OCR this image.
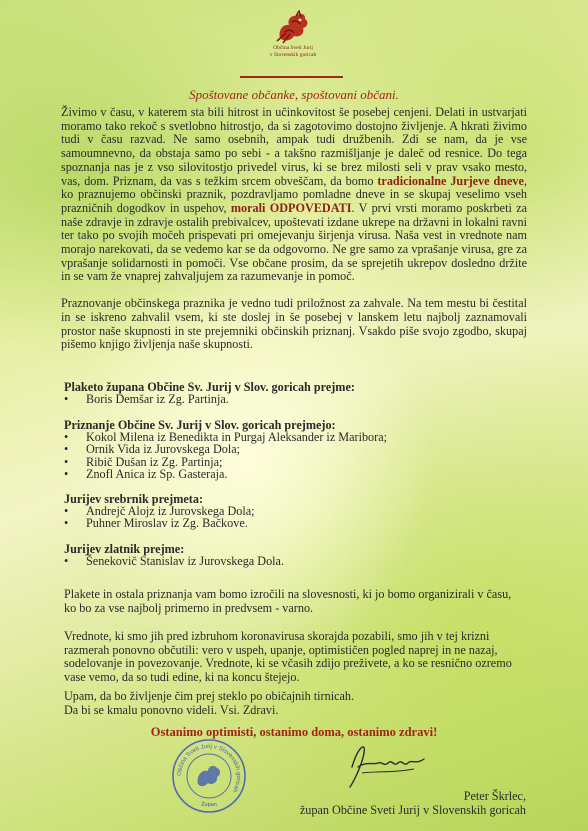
Občina Sveti Jurij
v Slovenskih goricah
Spoštovane občanke, spoštovani občani.

Živimo v času, v katerem sta bili hitrost in učinkovitost še posebej cenjeni. Delati in ustvarjati moramo tako rekoč s svetlobno hitrostjo, da si zagotovimo dostojno življenje. A hkrati živimo tudi v času razvad. Ne samo osebnih, ampak tudi družbenih. Zdi se nam, da je vse samoumnevno, da obstaja samo po sebi - a takšno razmišljanje je daleč od resnice. Do tega spoznanja nas je z vso silovitostjo privedel virus, ki se brez milosti seli v prav vsako mesto, vas, dom. Priznam, da vas s težkim srcem obveščam, da bomo tradicionalne Jurjeve dneve, ko praznujemo občinski praznik, pozdravljamo pomladne dneve in se skupaj veselimo vseh prazničnih dogodkov in uspehov, morali ODPOVEDATI. V prvi vrsti moramo poskrbeti za naše zdravje in zdravje ostalih prebivalcev, upoštevati izdane ukrepe na državni in lokalni ravni ter tako po svojih močeh prispevati pri omejevanju širjenja virusa. Naša vest in vrednote nam morajo narekovati, da se vedemo kar se da odgovorno. Ne gre samo za vprašanje virusa, gre za vprašanje solidarnosti in pomoči. Vse občane prosim, da se sprejetih ukrepov dosledno držite in se vam že vnaprej zahvaljujem za razumevanje in pomoč.

Praznovanje občinskega praznika je vedno tudi priložnost za zahvale. Na tem mestu bi čestital in se iskreno zahvalil vsem, ki ste doslej in še posebej v lanskem letu najbolj zaznamovali prostor naše skupnosti in ste prejemniki občinskih priznanj. Vsakdo piše svojo zgodbo, skupaj pišemo knjigo življenja naše skupnosti.

Plaketo župana Občine Sv. Jurij v Slov. goricah prejme:

• Boris Demšar iz Zg. Partinja.

Priznanje Občine Sv. Jurij v Slov. goricah prejmejo:

• Kokol Milena iz Benedikta in Purgaj Aleksander iz Maribora;
• Ornik Vida iz Jurovskega Dola;
• Ribič Dušan iz Zg. Partinja;
• Znofl Anica iz Sp. Gasteraja.

Jurijev srebrnik prejmeta:

• Andrejč Alojz iz Jurovskega Dola;
• Puhner Miroslav iz Zg. Bačkove.

Jurijev zlatnik prejme:

• Šenekovič Stanislav iz Jurovskega Dola.
Plakete in ostala priznanja vam bomo izročili na slovesnosti, ki jo bomo organizirali v času, ko bo za vse najbolj primerno in predvsem - varno.
Vrednote, ki smo jih pred izbruhom koronavirusa skorajda pozabili, smo jih v tej krizni razmerah ponovno občutili: vero v uspeh, upanje, optimističen pogled naprej in ne nazaj, sodelovanje in povezovanje. Vrednote, ki se včasih zdijo preživete, a ko se resnično ozremo vase vemo, da so tudi edine, ki na koncu štejejo.

Upam, da bo življenje čim prej steklo po običajnih tirnicah.

Da bi se kmalu ponovno videli. Vsi. Zdravi.

Ostanimo optimisti, ostanimo doma, ostanimo zdravi!
Občina Sveti Jurij v Slovenskih goricah
Župan
Peter Škrlec,
župan Občine Sveti Jurij v Slovenskih goricah
